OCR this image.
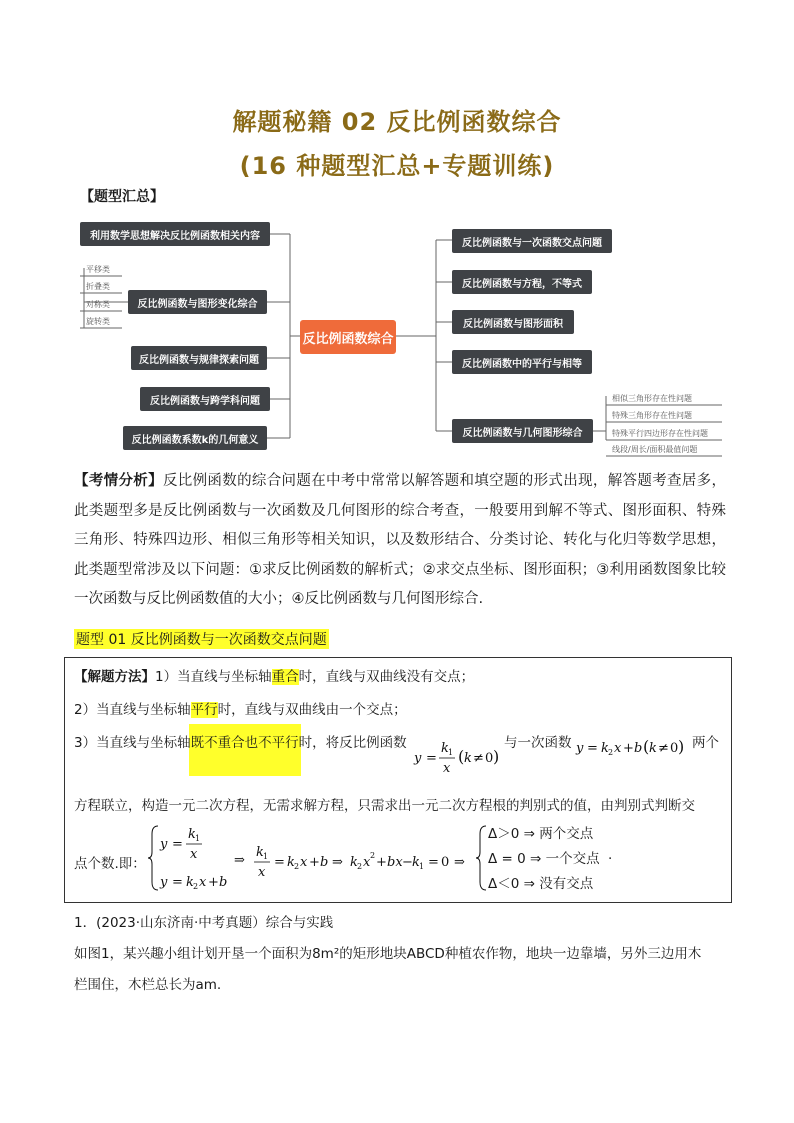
解题秘籍 02 反比例函数综合
(16 种题型汇总+专题训练)
【题型汇总】
反比例函数综合
利用数学思想解决反比例函数相关内容
反比例函数与图形变化综合
反比例函数与规律探索问题
反比例函数与跨学科问题
反比例函数系数k的几何意义
平移类
折叠类
对称类
旋转类
反比例函数与一次函数交点问题
反比例函数与方程，不等式
反比例函数与图形面积
反比例函数中的平行与相等
反比例函数与几何图形综合
相似三角形存在性问题
特殊三角形存在性问题
特殊平行四边形存在性问题
线段/周长/面积最值问题
【考情分析】反比例函数的综合问题在中考中常常以解答题和填空题的形式出现，解答题考查居多，此类题型多是反比例函数与一次函数及几何图形的综合考查，一般要用到解不等式、图形面积、特殊三角形、特殊四边形、相似三角形等相关知识，以及数形结合、分类讨论、转化与化归等数学思想，此类题型常涉及以下问题：①求反比例函数的解析式；②求交点坐标、图形面积；③利用函数图象比较一次函数与反比例函数值的大小；④反比例函数与几何图形综合.
题型 01 反比例函数与一次函数交点问题
【解题方法】1）当直线与坐标轴重合时，直线与双曲线没有交点；
2）当直线与坐标轴平行时，直线与双曲线由一个交点；
3）当直线与坐标轴既不重合也不平行时，将反比例函数
y =
k 1
x
( k ≠ 0 )
与一次函数 y = k 2 x + b ( k ≠ 0 ) 两个
方程联立，构造一元二次方程，无需求解方程，只需求出一元二次方程根的判别式的值，由判别式判断交
点个数.即：
y =
k 1
x
y = k 2 x + b
⇒
k 1
x
= k 2 x + b ⇒ k 2 x 2 + bx − k 1 = 0 ⇒
Δ＞0 ⇒ 两个交点
Δ = 0 ⇒ 一个交点 .
Δ＜0 ⇒ 没有交点
1．(2023·山东济南·中考真题）综合与实践
如图1，某兴趣小组计划开垦一个面积为8m²的矩形地块ABCD种植农作物，地块一边靠墙，另外三边用木
栏围住，木栏总长为am.
